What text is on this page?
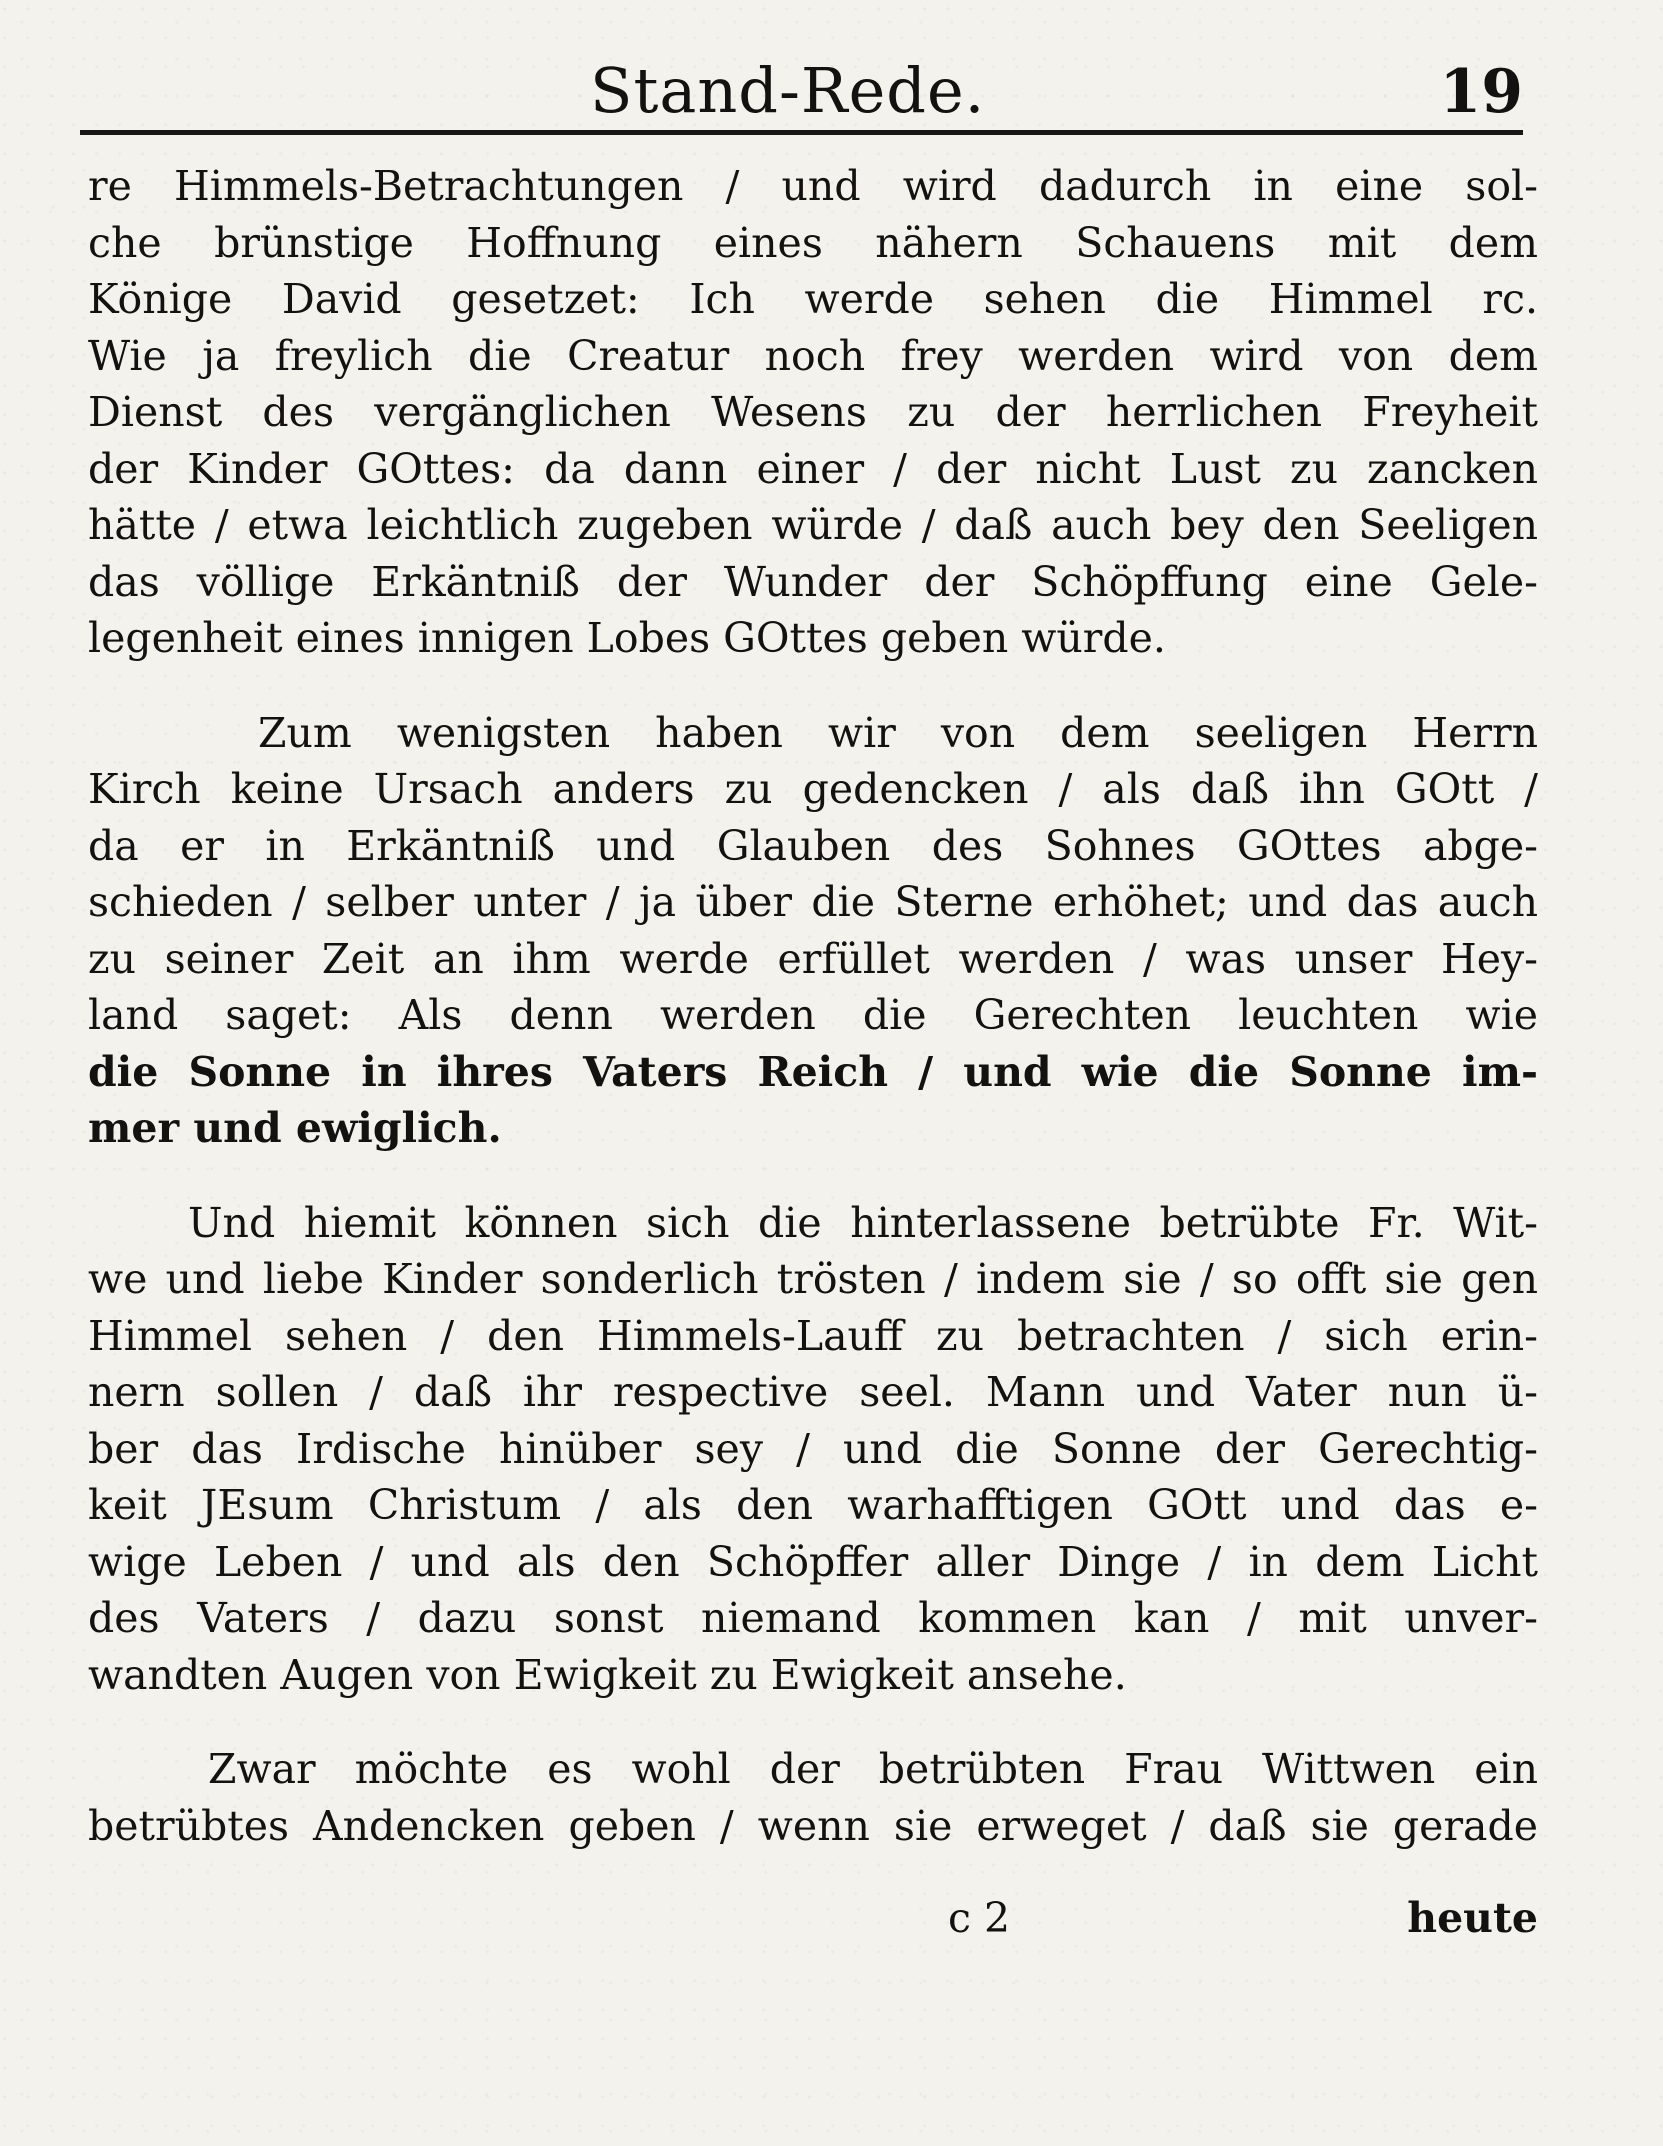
Stand-Rede.	19
re Himmels-Betrachtungen / und wird dadurch in eine sol-
che brünstige Hoffnung eines nähern Schauens mit dem
Könige David gesetzet: Ich werde sehen die Himmel rc.
Wie ja freylich die Creatur noch frey werden wird von dem
Dienst des vergänglichen Wesens zu der herrlichen Freyheit
der Kinder GOttes: da dann einer / der nicht Lust zu zancken
hätte / etwa leichtlich zugeben würde / daß auch bey den Seeligen
das völlige Erkäntniß der Wunder der Schöpffung eine Gele-
legenheit eines innigen Lobes GOttes geben würde.
Zum wenigsten haben wir von dem seeligen Herrn
Kirch keine Ursach anders zu gedencken / als daß ihn GOtt /
da er in Erkäntniß und Glauben des Sohnes GOttes abge-
schieden / selber unter / ja über die Sterne erhöhet; und das auch
zu seiner Zeit an ihm werde erfüllet werden / was unser Hey-
land saget: Als denn werden die Gerechten leuchten wie
die Sonne in ihres Vaters Reich / und wie die Sonne im-
mer und ewiglich.
Und hiemit können sich die hinterlassene betrübte Fr. Wit-
we und liebe Kinder sonderlich trösten / indem sie / so offt sie gen
Himmel sehen / den Himmels-Lauff zu betrachten / sich erin-
nern sollen / daß ihr respective seel. Mann und Vater nun ü-
ber das Irdische hinüber sey / und die Sonne der Gerechtig-
keit JEsum Christum / als den warhafftigen GOtt und das e-
wige Leben / und als den Schöpffer aller Dinge / in dem Licht
des Vaters / dazu sonst niemand kommen kan / mit unver-
wandten Augen von Ewigkeit zu Ewigkeit ansehe.
Zwar möchte es wohl der betrübten Frau Wittwen ein
betrübtes Andencken geben / wenn sie erweget / daß sie gerade
c 2	heute
